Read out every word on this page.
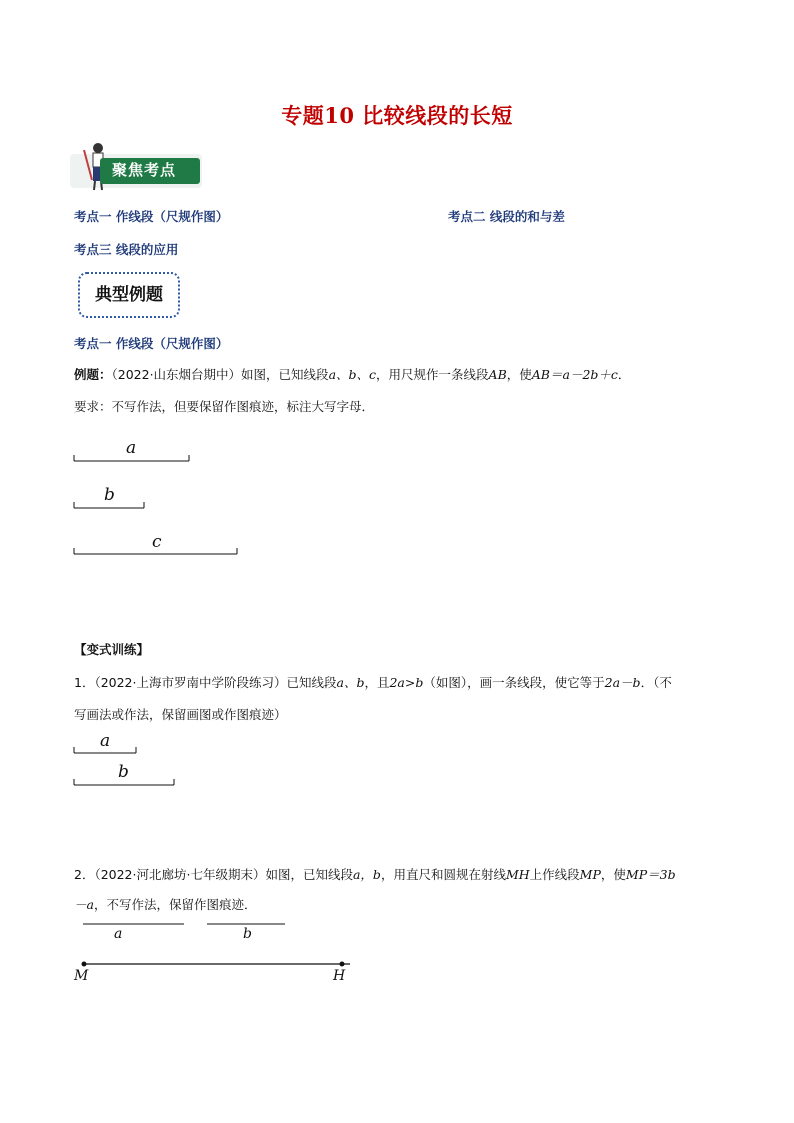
专题10 比较线段的长短
聚焦考点
考点一 作线段（尺规作图）	考点二 线段的和与差
考点三 线段的应用
典型例题
考点一 作线段（尺规作图）
例题：（2022·山东烟台期中）如图，已知线段a、b、c，用尺规作一条线段AB，使AB＝a－2b＋c．
要求：不写作法，但要保留作图痕迹，标注大写字母．
a
b
c
【变式训练】
1．（2022·上海市罗南中学阶段练习）已知线段a、b，且2a>b（如图），画一条线段，使它等于2a－b．（不
写画法或作法，保留画图或作图痕迹）
a
b
2．（2022·河北廊坊·七年级期末）如图，已知线段a，b，用直尺和圆规在射线MH上作线段MP，使MP＝3b
－a，不写作法，保留作图痕迹．
a	b
M	H
